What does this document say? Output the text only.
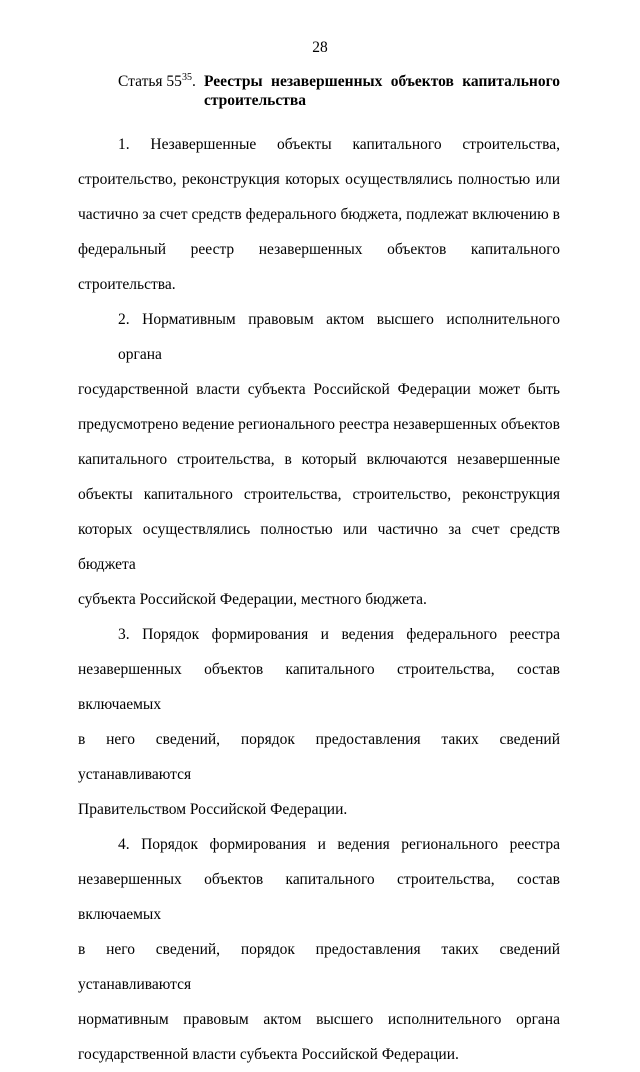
28
Статья $55^{35}$. Реестры незавершенных объектов капитального
строительства
1. Незавершенные объекты капитального строительства,
строительство, реконструкция которых осуществлялись полностью или
частично за счет средств федерального бюджета, подлежат включению в
федеральный реестр незавершенных объектов капитального строительства.
2. Нормативным правовым актом высшего исполнительного органа
государственной власти субъекта Российской Федерации может быть
предусмотрено ведение регионального реестра незавершенных объектов
капитального строительства, в который включаются незавершенные
объекты капитального строительства, строительство, реконструкция
которых осуществлялись полностью или частично за счет средств бюджета
субъекта Российской Федерации, местного бюджета.
3. Порядок формирования и ведения федерального реестра
незавершенных объектов капитального строительства, состав включаемых
в него сведений, порядок предоставления таких сведений устанавливаются
Правительством Российской Федерации.
4. Порядок формирования и ведения регионального реестра
незавершенных объектов капитального строительства, состав включаемых
в него сведений, порядок предоставления таких сведений устанавливаются
нормативным правовым актом высшего исполнительного органа
государственной власти субъекта Российской Федерации.
